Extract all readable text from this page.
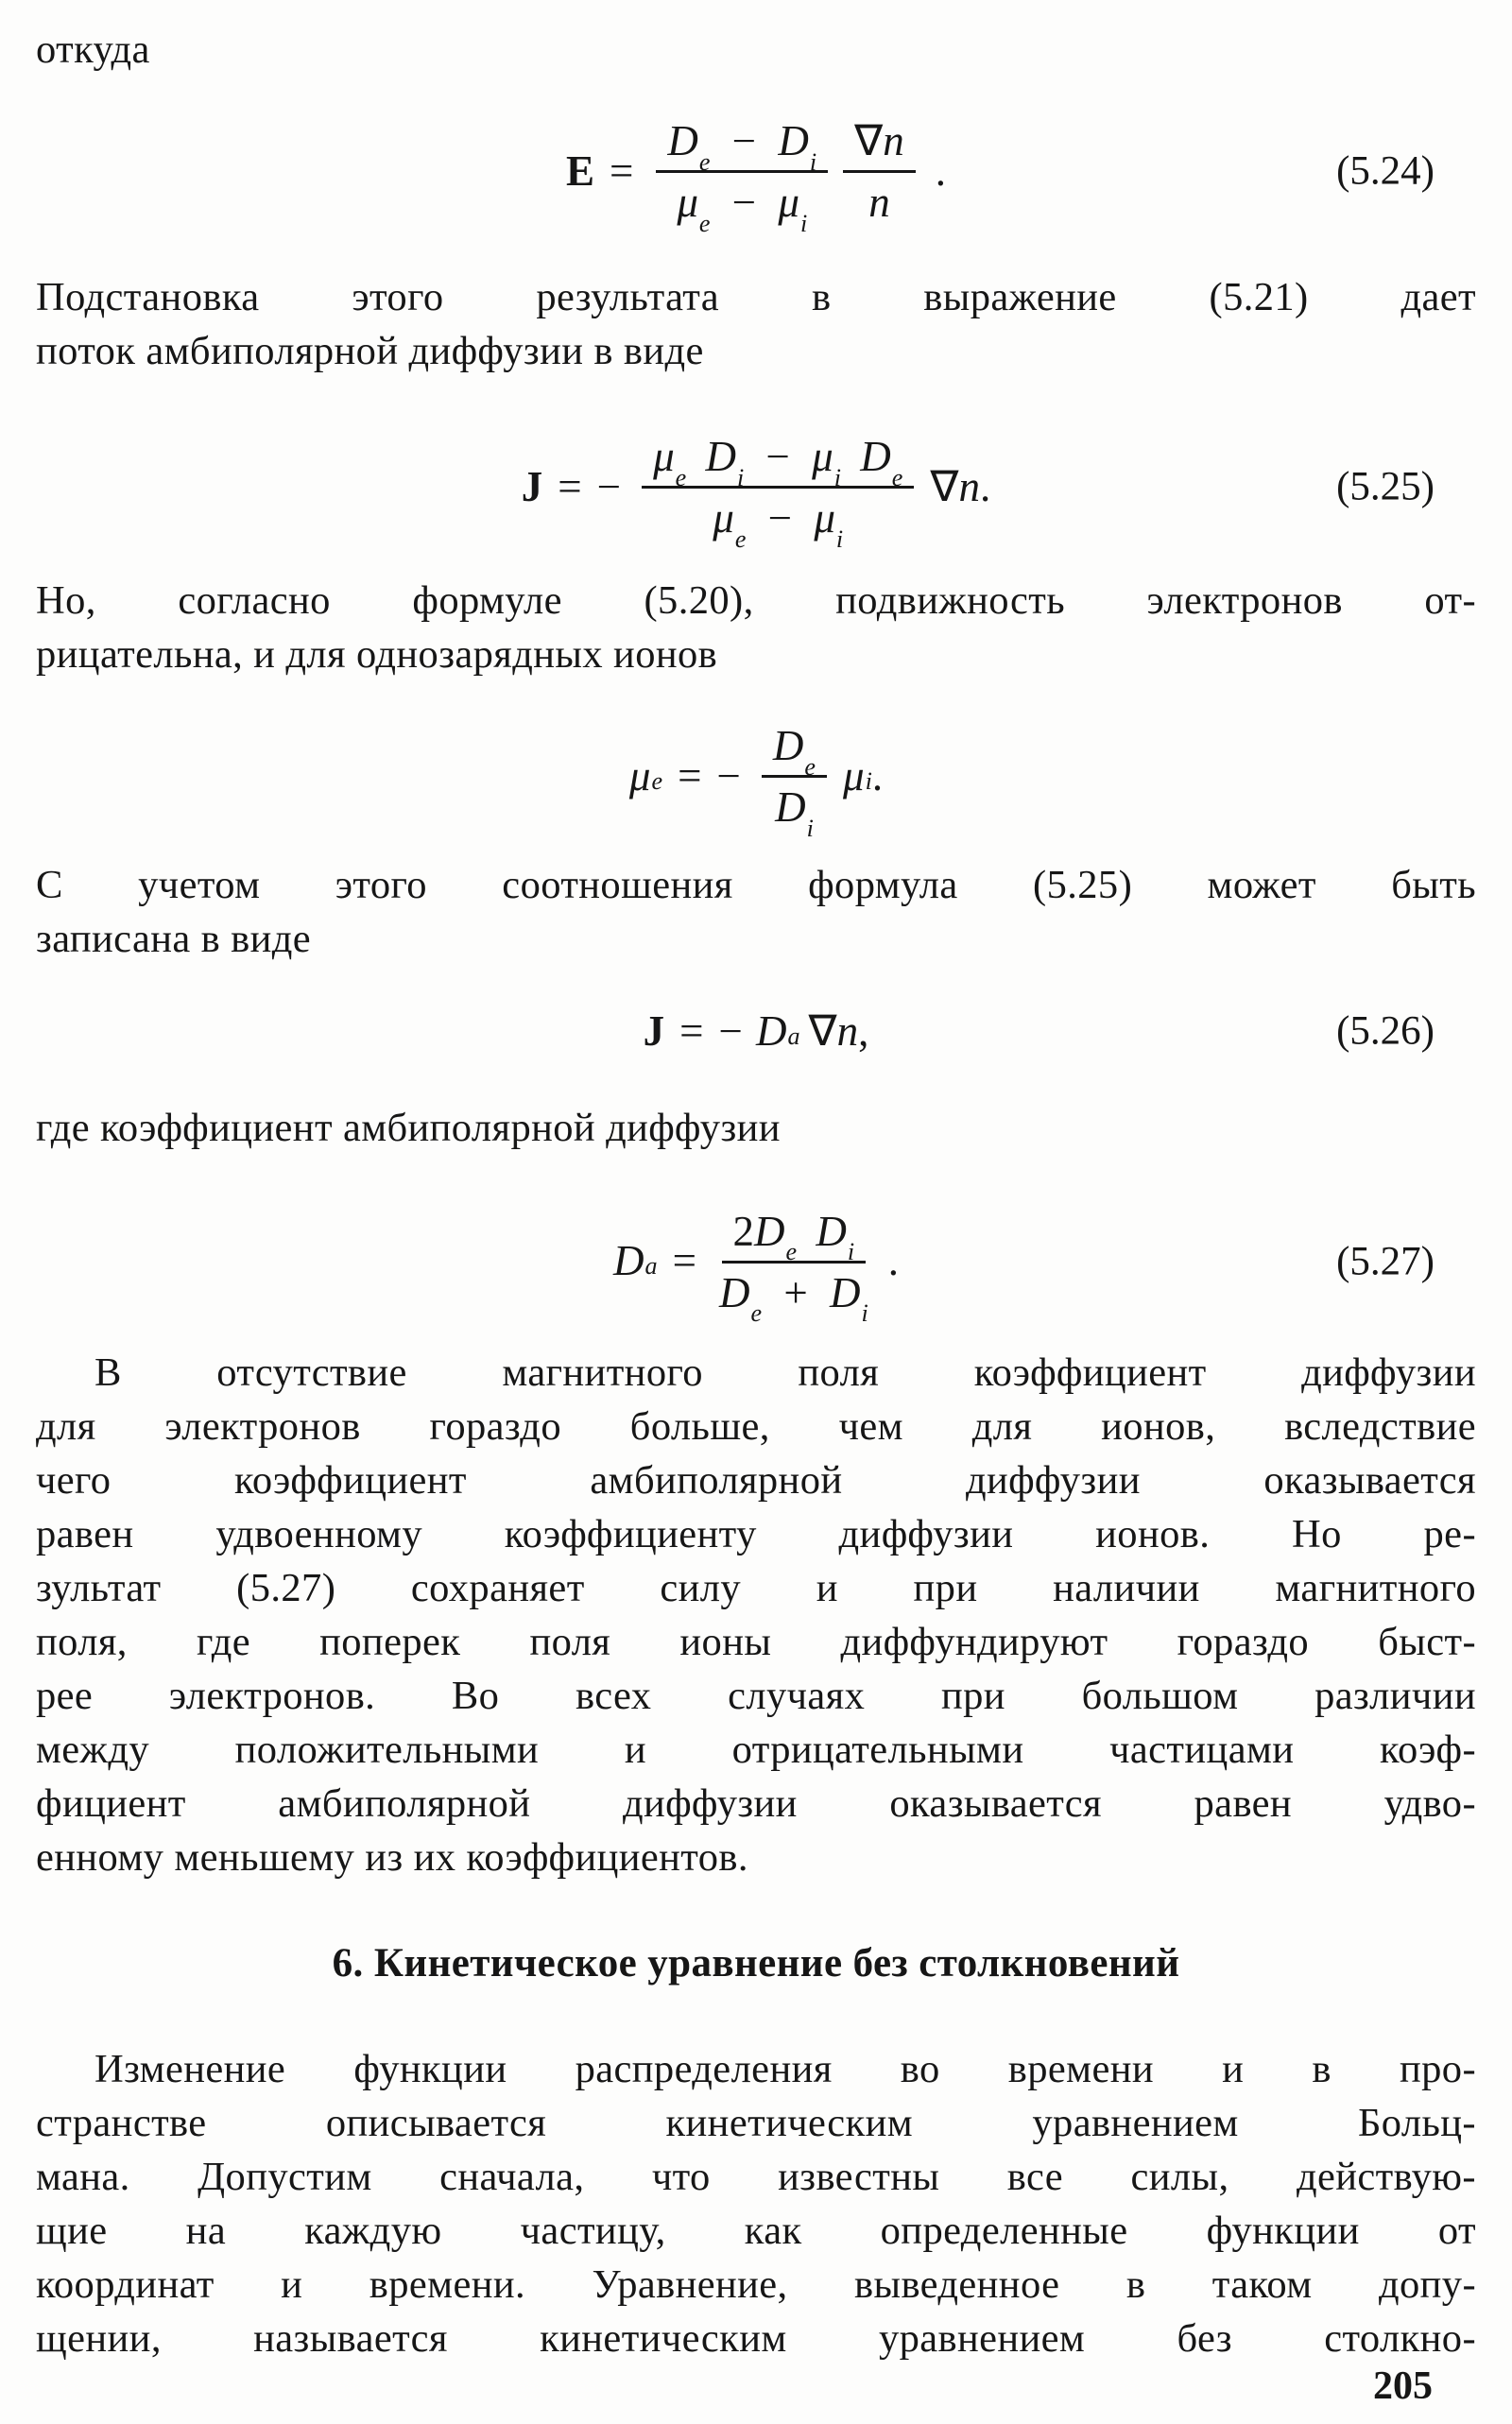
откуда
$E = \frac{D_e - D_i}{\mu_e - \mu_i} \frac{\nabla n}{n}$ .	(5.24)
Подстановка этого результата в выражение (5.21) дает
поток амбиполярной диффузии в виде
J = − $\frac{\mu_e D_i - \mu_i D_e}{\mu_e - \mu_i}$ ∇ n .	(5.25)
Но, согласно формуле (5.20), подвижность электронов от-
рицательна, и для однозарядных ионов
$\mu_e$ = − $\frac{D_e}{D_i} \mu_i$ .
С учетом этого соотношения формула (5.25) может быть
записана в виде
J = − $D_a$ ∇ n ,	(5.26)
где коэффициент амбиполярной диффузии
$D_a = \frac{2D_e D_i}{D_e + D_i}$ .	(5.27)
В отсутствие магнитного поля коэффициент диффузии
для электронов гораздо больше, чем для ионов, вследствие
чего коэффициент амбиполярной диффузии оказывается
равен удвоенному коэффициенту диффузии ионов. Но ре-
зультат (5.27) сохраняет силу и при наличии магнитного
поля, где поперек поля ионы диффундируют гораздо быст-
рее электронов. Во всех случаях при большом различии
между положительными и отрицательными частицами коэф-
фициент амбиполярной диффузии оказывается равен удво-
енному меньшему из их коэффициентов.
6. Кинетическое уравнение без столкновений
Изменение функции распределения во времени и в про-
странстве описывается кинетическим уравнением Больц-
мана. Допустим сначала, что известны все силы, действую-
щие на каждую частицу, как определенные функции от
координат и времени. Уравнение, выведенное в таком допу-
щении, называется кинетическим уравнением без столкно-
205
